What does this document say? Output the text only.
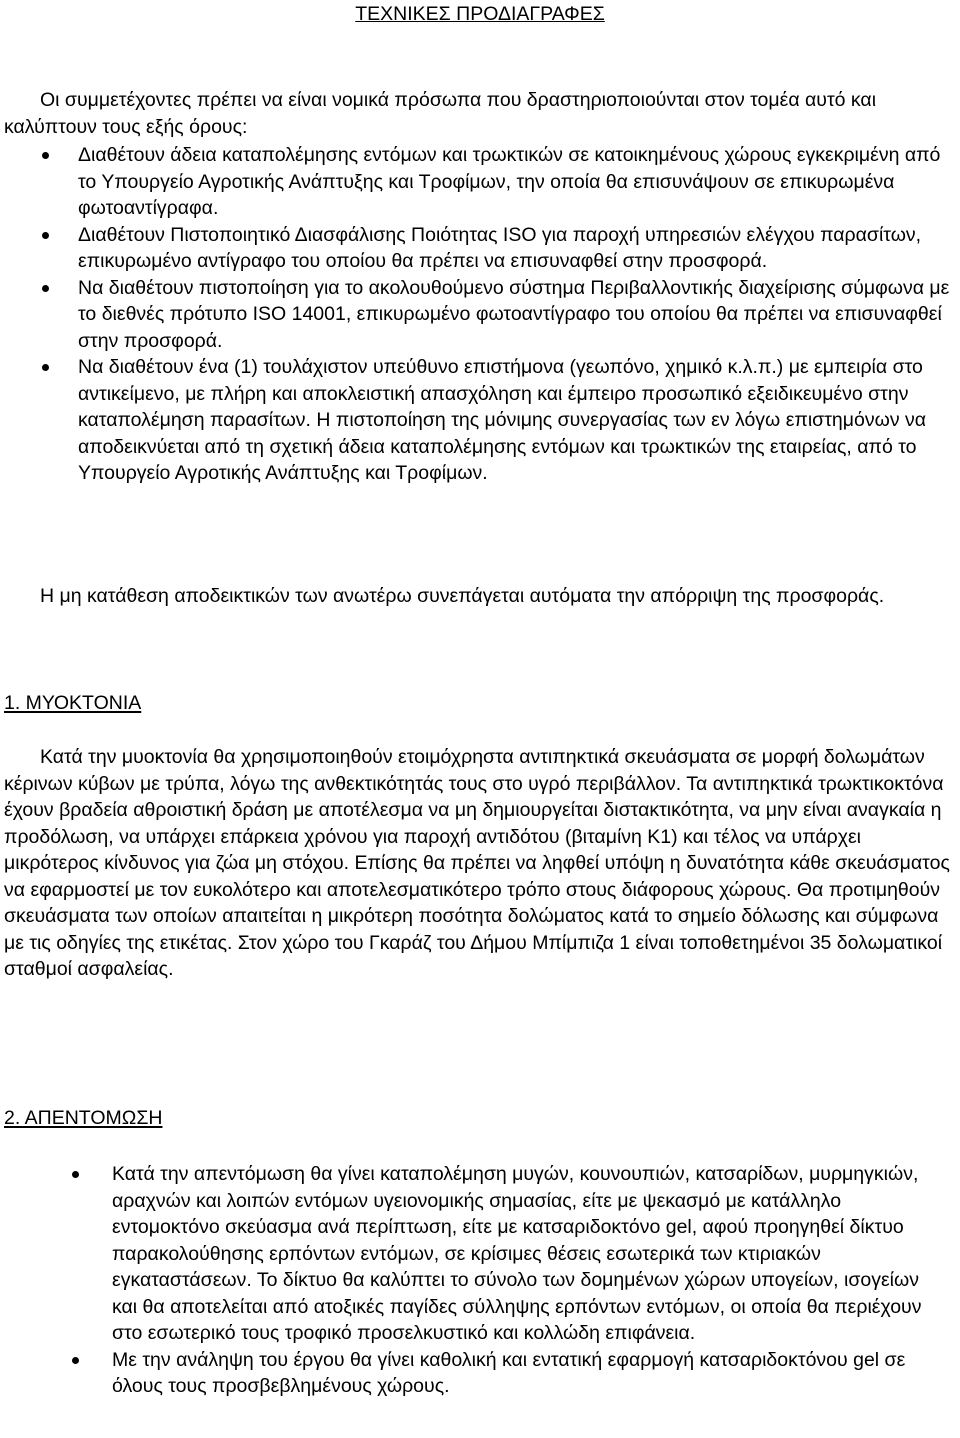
ΤΕΧΝΙΚΕΣ ΠΡΟΔΙΑΓΡΑΦΕΣ

Οι συμμετέχοντες πρέπει να είναι νομικά πρόσωπα που δραστηριοποιούνται στον τομέα αυτό και καλύπτουν τους εξής όρους:

Διαθέτουν άδεια καταπολέμησης εντόμων και τρωκτικών σε κατοικημένους χώρους εγκεκριμένη από το Υπουργείο Αγροτικής Ανάπτυξης και Τροφίμων, την οποία θα επισυνάψουν σε επικυρωμένα φωτοαντίγραφα.
Διαθέτουν Πιστοποιητικό Διασφάλισης Ποιότητας ISO για παροχή υπηρεσιών ελέγχου παρασίτων, επικυρωμένο αντίγραφο του οποίου θα πρέπει να επισυναφθεί στην προσφορά.
Να διαθέτουν πιστοποίηση για το ακολουθούμενο σύστημα Περιβαλλοντικής διαχείρισης σύμφωνα με το διεθνές πρότυπο ISO 14001, επικυρωμένο φωτοαντίγραφο του οποίου θα πρέπει να επισυναφθεί στην προσφορά.
Να διαθέτουν ένα (1) τουλάχιστον υπεύθυνο επιστήμονα (γεωπόνο, χημικό κ.λ.π.) με εμπειρία στο αντικείμενο, με πλήρη και αποκλειστική απασχόληση και έμπειρο προσωπικό εξειδικευμένο στην καταπολέμηση παρασίτων. Η πιστοποίηση της μόνιμης συνεργασίας των εν λόγω επιστημόνων να αποδεικνύεται από τη σχετική άδεια καταπολέμησης εντόμων και τρωκτικών της εταιρείας, από το Υπουργείο Αγροτικής Ανάπτυξης και Τροφίμων.

Η μη κατάθεση αποδεικτικών των ανωτέρω συνεπάγεται αυτόματα την απόρριψη της προσφοράς.

1. ΜΥΟΚΤΟΝΙΑ

Κατά την μυοκτονία θα χρησιμοποιηθούν ετοιμόχρηστα αντιπηκτικά σκευάσματα σε μορφή δολωμάτων κέρινων κύβων με τρύπα, λόγω της ανθεκτικότητάς τους στο υγρό περιβάλλον. Τα αντιπηκτικά τρωκτικοκτόνα έχουν βραδεία αθροιστική δράση με αποτέλεσμα να μη δημιουργείται διστακτικότητα, να μην είναι αναγκαία η προδόλωση, να υπάρχει επάρκεια χρόνου για παροχή αντιδότου (βιταμίνη Κ1) και τέλος να υπάρχει μικρότερος κίνδυνος για ζώα μη στόχου. Επίσης θα πρέπει να ληφθεί υπόψη η δυνατότητα κάθε σκευάσματος να εφαρμοστεί με τον ευκολότερο και αποτελεσματικότερο τρόπο στους διάφορους χώρους. Θα προτιμηθούν σκευάσματα των οποίων απαιτείται η μικρότερη ποσότητα δολώματος κατά το σημείο δόλωσης και σύμφωνα με τις οδηγίες της ετικέτας. Στον χώρο του Γκαράζ του Δήμου Μπίμπιζα 1 είναι τοποθετημένοι 35 δολωματικοί σταθμοί ασφαλείας.

2. ΑΠΕΝΤΟΜΩΣΗ
Κατά την απεντόμωση θα γίνει καταπολέμηση μυγών, κουνουπιών, κατσαρίδων, μυρμηγκιών, αραχνών και λοιπών εντόμων υγειονομικής σημασίας, είτε με ψεκασμό με κατάλληλο εντομοκτόνο σκεύασμα ανά περίπτωση, είτε με κατσαριδοκτόνο gel, αφού προηγηθεί δίκτυο παρακολούθησης ερπόντων εντόμων, σε κρίσιμες θέσεις εσωτερικά των κτιριακών εγκαταστάσεων. Το δίκτυο θα καλύπτει το σύνολο των δομημένων χώρων υπογείων, ισογείων και θα αποτελείται από ατοξικές παγίδες σύλληψης ερπόντων εντόμων, οι οποία θα περιέχουν στο εσωτερικό τους τροφικό προσελκυστικό και κολλώδη επιφάνεια.
Με την ανάληψη του έργου θα γίνει καθολική και εντατική εφαρμογή κατσαριδοκτόνου gel σε όλους τους προσβεβλημένους χώρους.
